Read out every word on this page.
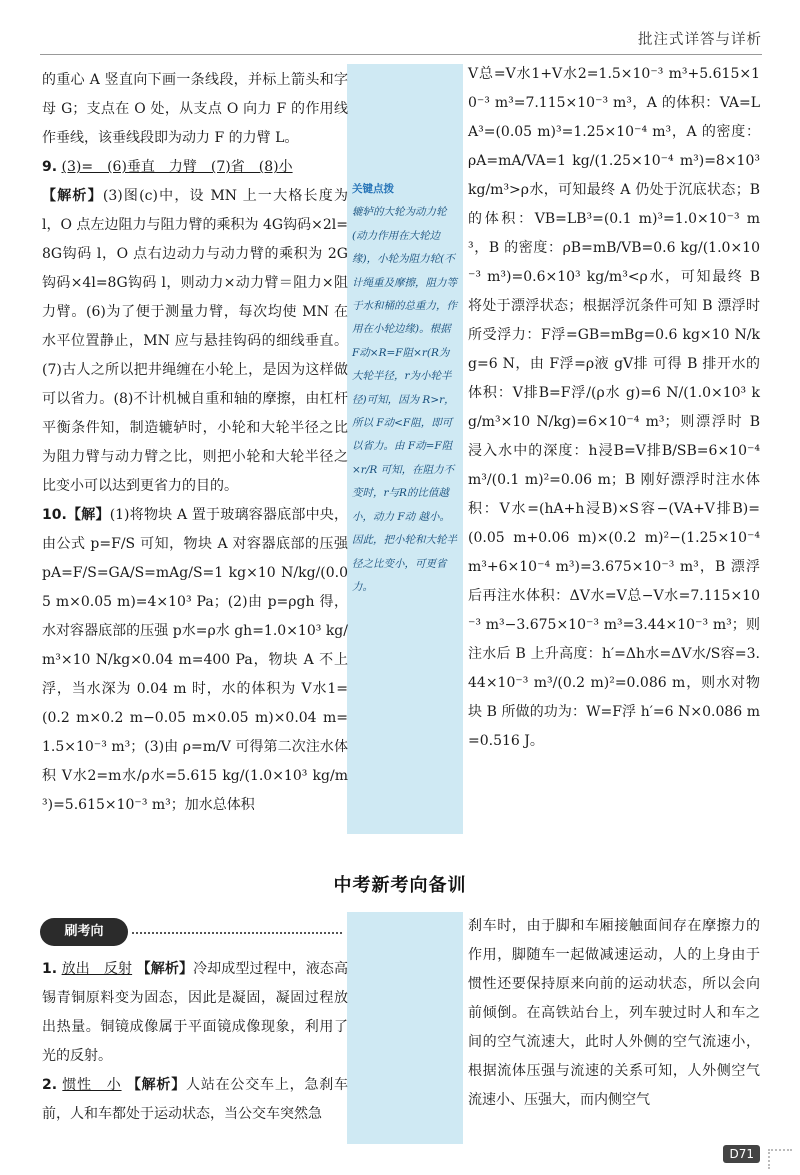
批注式详答与详析

的重心 A 竖直向下画一条线段，并标上箭头和字母 G；支点在 O 处，从支点 O 向力 F 的作用线作垂线，该垂线段即为动力 F 的力臂 L。

9. (3)=　(6)垂直　力臂　(7)省　(8)小

【解析】(3)图(c)中，设 MN 上一大格长度为 l，O 点左边阻力与阻力臂的乘积为 4G钩码×2l=8G钩码 l，O 点右边动力与动力臂的乘积为 2G钩码×4l=8G钩码 l，则动力×动力臂＝阻力×阻力臂。(6)为了便于测量力臂，每次均使 MN 在水平位置静止，MN 应与悬挂钩码的细线垂直。(7)古人之所以把井绳缠在小轮上，是因为这样做可以省力。(8)不计机械自重和轴的摩擦，由杠杆平衡条件知，制造辘轳时，小轮和大轮半径之比为阻力臂与动力臂之比，则把小轮和大轮半径之比变小可以达到更省力的目的。

10.【解】(1)将物块 A 置于玻璃容器底部中央，由公式 p=F/S 可知，物块 A 对容器底部的压强 pA=F/S=GA/S=mAg/S=1 kg×10 N/kg/(0.05 m×0.05 m)=4×10³ Pa；(2)由 p=ρgh 得，水对容器底部的压强 p水=ρ水 gh=1.0×10³ kg/m³×10 N/kg×0.04 m=400 Pa，物块 A 不上浮，当水深为 0.04 m 时，水的体积为 V水1=(0.2 m×0.2 m−0.05 m×0.05 m)×0.04 m=1.5×10⁻³ m³；(3)由 ρ=m/V 可得第二次注水体积 V水2=m水/ρ水=5.615 kg/(1.0×10³ kg/m³)=5.615×10⁻³ m³；加水总体积

关键点拨

辘轳的大轮为动力轮(动力作用在大轮边缘)，小轮为阻力轮(不计绳重及摩擦，阻力等于水和桶的总重力，作用在小轮边缘)。根据 F动×R=F阻×r(R为大轮半径，r为小轮半径)可知，因为 R>r，所以 F动<F阻，即可以省力。由 F动=F阻×r/R 可知，在阻力不变时，r与R的比值越小，动力 F动 越小。因此，把小轮和大轮半径之比变小，可更省力。

V总=V水1+V水2=1.5×10⁻³ m³+5.615×10⁻³ m³=7.115×10⁻³ m³，A 的体积：VA=LA³=(0.05 m)³=1.25×10⁻⁴ m³，A 的密度：ρA=mA/VA=1 kg/(1.25×10⁻⁴ m³)=8×10³ kg/m³>ρ水，可知最终 A 仍处于沉底状态；B 的体积：VB=LB³=(0.1 m)³=1.0×10⁻³ m³，B 的密度：ρB=mB/VB=0.6 kg/(1.0×10⁻³ m³)=0.6×10³ kg/m³<ρ水，可知最终 B 将处于漂浮状态；根据浮沉条件可知 B 漂浮时所受浮力：F浮=GB=mBg=0.6 kg×10 N/kg=6 N，由 F浮=ρ液 gV排 可得 B 排开水的体积：V排B=F浮/(ρ水 g)=6 N/(1.0×10³ kg/m³×10 N/kg)=6×10⁻⁴ m³；则漂浮时 B 浸入水中的深度：h浸B=V排B/SB=6×10⁻⁴ m³/(0.1 m)²=0.06 m；B 刚好漂浮时注水体积：V水=(hA+h浸B)×S容−(VA+V排B)=(0.05 m+0.06 m)×(0.2 m)²−(1.25×10⁻⁴ m³+6×10⁻⁴ m³)=3.675×10⁻³ m³，B 漂浮后再注水体积：ΔV水=V总−V水=7.115×10⁻³ m³−3.675×10⁻³ m³=3.44×10⁻³ m³；则注水后 B 上升高度：h′=Δh水=ΔV水/S容=3.44×10⁻³ m³/(0.2 m)²=0.086 m，则水对物块 B 所做的功为：W=F浮 h′=6 N×0.086 m=0.516 J。

中考新考向备训
刷考向

1. 放出　反射 【解析】冷却成型过程中，液态高锡青铜原料变为固态，因此是凝固，凝固过程放出热量。铜镜成像属于平面镜成像现象，利用了光的反射。

2. 惯性　小 【解析】人站在公交车上，急刹车前，人和车都处于运动状态，当公交车突然急

刹车时，由于脚和车厢接触面间存在摩擦力的作用，脚随车一起做减速运动，人的上身由于惯性还要保持原来向前的运动状态，所以会向前倾倒。在高铁站台上，列车驶过时人和车之间的空气流速大，此时人外侧的空气流速小，根据流体压强与流速的关系可知，人外侧空气流速小、压强大，而内侧空气

D71
